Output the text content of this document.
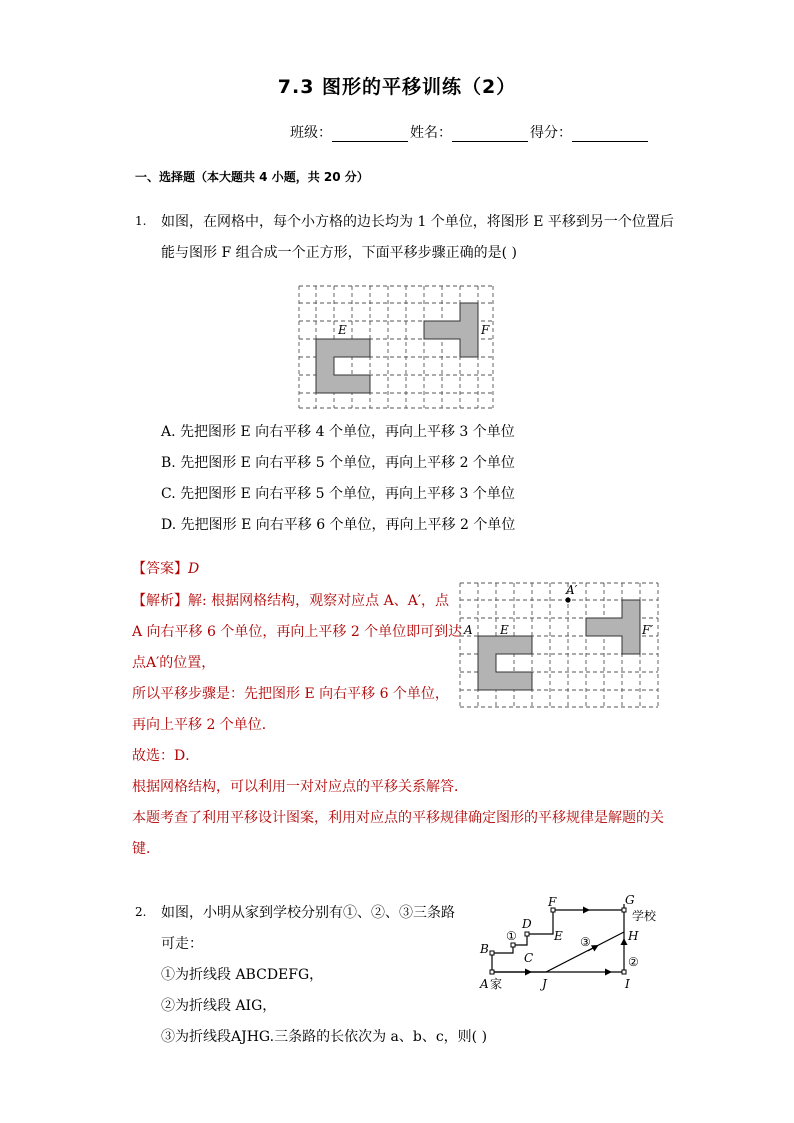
7.3 图形的平移训练（2）
班级：	姓名：	得分：
一、选择题（本大题共 4 小题，共 20 分）
1. 如图，在网格中，每个小方格的边长均为 1 个单位，将图形 E 平移到另一个位置后
能与图形 F 组合成一个正方形，下面平移步骤正确的是( )
E	F
A. 先把图形 E 向右平移 4 个单位，再向上平移 3 个单位
B. 先把图形 E 向右平移 5 个单位，再向上平移 2 个单位
C. 先把图形 E 向右平移 5 个单位，再向上平移 3 个单位
D. 先把图形 E 向右平移 6 个单位，再向上平移 2 个单位
【答案】D
【解析】解: 根据网格结构，观察对应点 A、A′，点
A 向右平移 6 个单位，再向上平移 2 个单位即可到达
点A′的位置，
所以平移步骤是：先把图形 E 向右平移 6 个单位，
再向上平移 2 个单位．
故选：D．
根据网格结构，可以利用一对对应点的平移关系解答．
本题考查了利用平移设计图案，利用对应点的平移规律确定图形的平移规律是解题的关
键．
A′
A E	F′
2. 如图，小明从家到学校分别有①、②、③三条路
可走：
①为折线段 ABCDEFG，
②为折线段 AIG，
③为折线段AJHG.三条路的长依次为 a、b、c，则( )
A 家
B
C
D
E
F	G
学校
H
I
J
①
②
③
